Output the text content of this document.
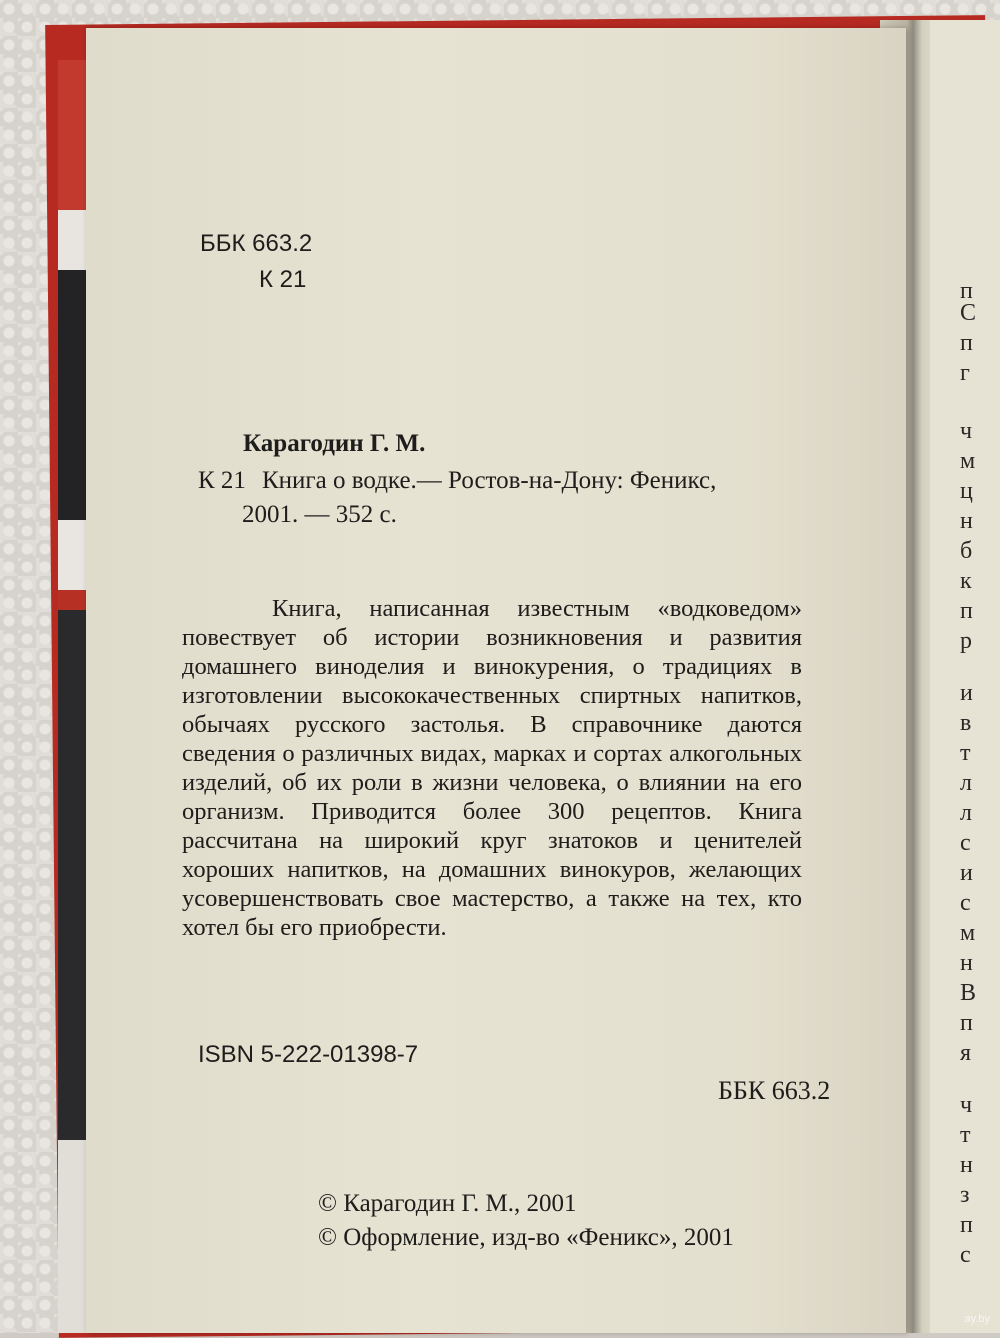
п
С
п
г
ч
м
ц
н
б
к
п
р
и
в
т
л
л
с
и
с
м
н
В
п
я
ч
т
н
з
п
с

ББК 663.2
К 21
Карагодин Г. М.
К 21 Книга о водке.— Ростов-на-Дону: Феникс,
2001. — 352 с.

Книга, написанная известным «водковедом» повествует об истории возникновения и развития домашнего виноделия и винокурения, о традициях в изготовлении высококачественных спиртных напитков, обычаях русского застолья. В справочнике даются сведения о различных видах, марках и сортах алкогольных изделий, об их роли в жизни человека, о влиянии на его организм. Приводится более 300 рецептов. Книга рассчитана на широкий круг знатоков и ценителей хороших напитков, на домашних винокуров, желающих усовершенствовать свое мастерство, а также на тех, кто хотел бы его приобрести.

ISBN 5-222-01398-7
ББК 663.2
© Карагодин Г. М., 2001
© Оформление, изд-во «Феникс», 2001
ay.by
